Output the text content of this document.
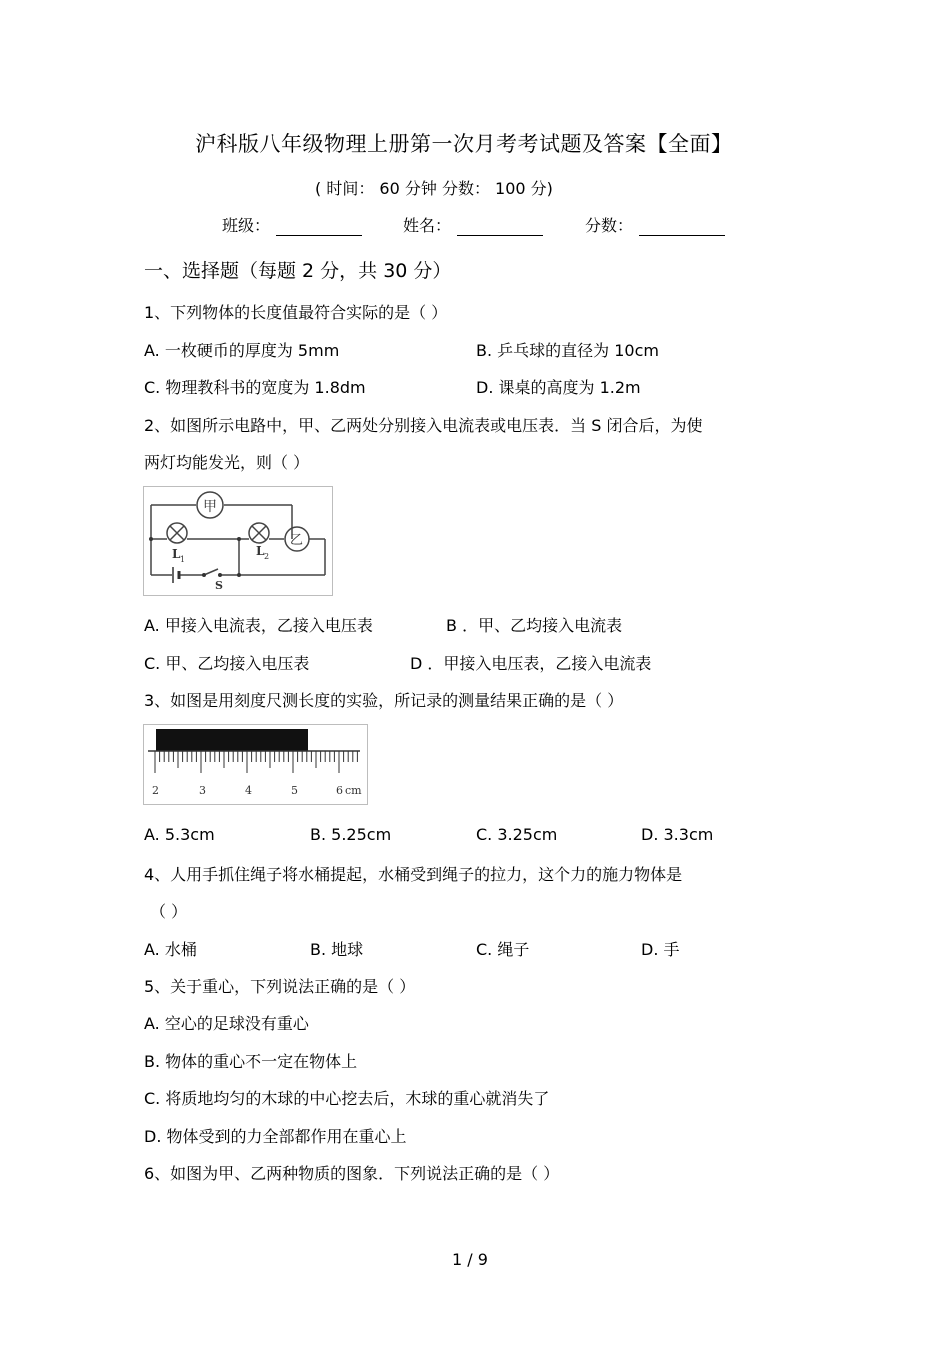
沪科版八年级物理上册第一次月考考试题及答案【全面】
( 时间： 60 分钟 分数： 100 分)
班级：	姓名：	分数：
一、选择题（每题 2 分，共 30 分）
1、下列物体的长度值最符合实际的是（ ）
A. 一枚硬币的厚度为 5mm	B. 乒乓球的直径为 10cm
C. 物理教科书的宽度为 1.8dm	D. 课桌的高度为 1.2m
2、如图所示电路中，甲、乙两处分别接入电流表或电压表．当 S 闭合后，为使
两灯均能发光，则（ ）
甲
乙
L 1
L 2
S
A. 甲接入电流表，乙接入电压表	B ．甲、乙均接入电流表
C. 甲、乙均接入电压表	D ．甲接入电压表，乙接入电流表
3、如图是用刻度尺测长度的实验，所记录的测量结果正确的是（ ）
2	3	4	5	6 cm
A. 5.3cm	B. 5.25cm	C. 3.25cm	D. 3.3cm
4、人用手抓住绳子将水桶提起，水桶受到绳子的拉力，这个力的施力物体是
（ ）
A. 水桶	B. 地球	C. 绳子	D. 手
5、关于重心，下列说法正确的是（ ）
A. 空心的足球没有重心
B. 物体的重心不一定在物体上
C. 将质地均匀的木球的中心挖去后，木球的重心就消失了
D. 物体受到的力全部都作用在重心上
6、如图为甲、乙两种物质的图象．下列说法正确的是（ ）
1 / 9
